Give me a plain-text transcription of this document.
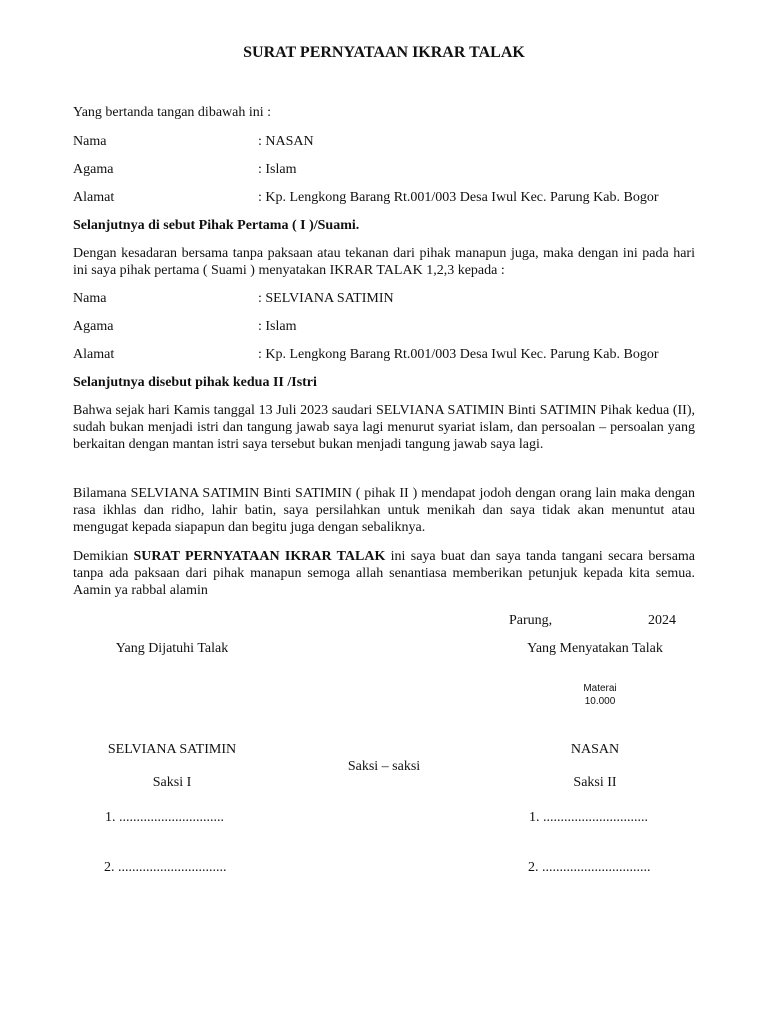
SURAT PERNYATAAN IKRAR TALAK
Yang bertanda tangan dibawah ini :
Nama	: NASAN
Agama	: Islam
Alamat	: Kp. Lengkong Barang Rt.001/003 Desa Iwul Kec. Parung Kab. Bogor
Selanjutnya di sebut Pihak Pertama ( I )/Suami.
Dengan kesadaran bersama tanpa paksaan atau tekanan dari pihak manapun juga, maka dengan ini pada hari ini saya pihak pertama ( Suami ) menyatakan IKRAR TALAK 1,2,3 kepada :
Nama	: SELVIANA SATIMIN
Agama	: Islam
Alamat	: Kp. Lengkong Barang Rt.001/003 Desa Iwul Kec. Parung Kab. Bogor
Selanjutnya disebut pihak kedua II /Istri
Bahwa sejak hari Kamis tanggal 13 Juli 2023 saudari SELVIANA SATIMIN Binti SATIMIN Pihak kedua (II), sudah bukan menjadi istri dan tangung jawab saya lagi menurut syariat islam, dan persoalan – persoalan yang berkaitan dengan mantan istri saya tersebut bukan menjadi tangung jawab saya lagi.
Bilamana SELVIANA SATIMIN Binti SATIMIN ( pihak II ) mendapat jodoh dengan orang lain maka dengan rasa ikhlas dan ridho, lahir batin, saya persilahkan untuk menikah dan saya tidak akan menuntut atau mengugat kepada siapapun dan begitu juga dengan sebaliknya.
Demikian SURAT PERNYATAAN IKRAR TALAK ini saya buat dan saya tanda tangani secara bersama tanpa ada paksaan dari pihak manapun semoga allah senantiasa memberikan petunjuk kepada kita semua. Aamin ya rabbal alamin
Parung,	2024
Yang Dijatuhi Talak	Yang Menyatakan Talak
Materai
10.000
SELVIANA SATIMIN	NASAN
Saksi – saksi
Saksi I	Saksi II
1. ..............................	1. ..............................
2. ...............................	2. ...............................
